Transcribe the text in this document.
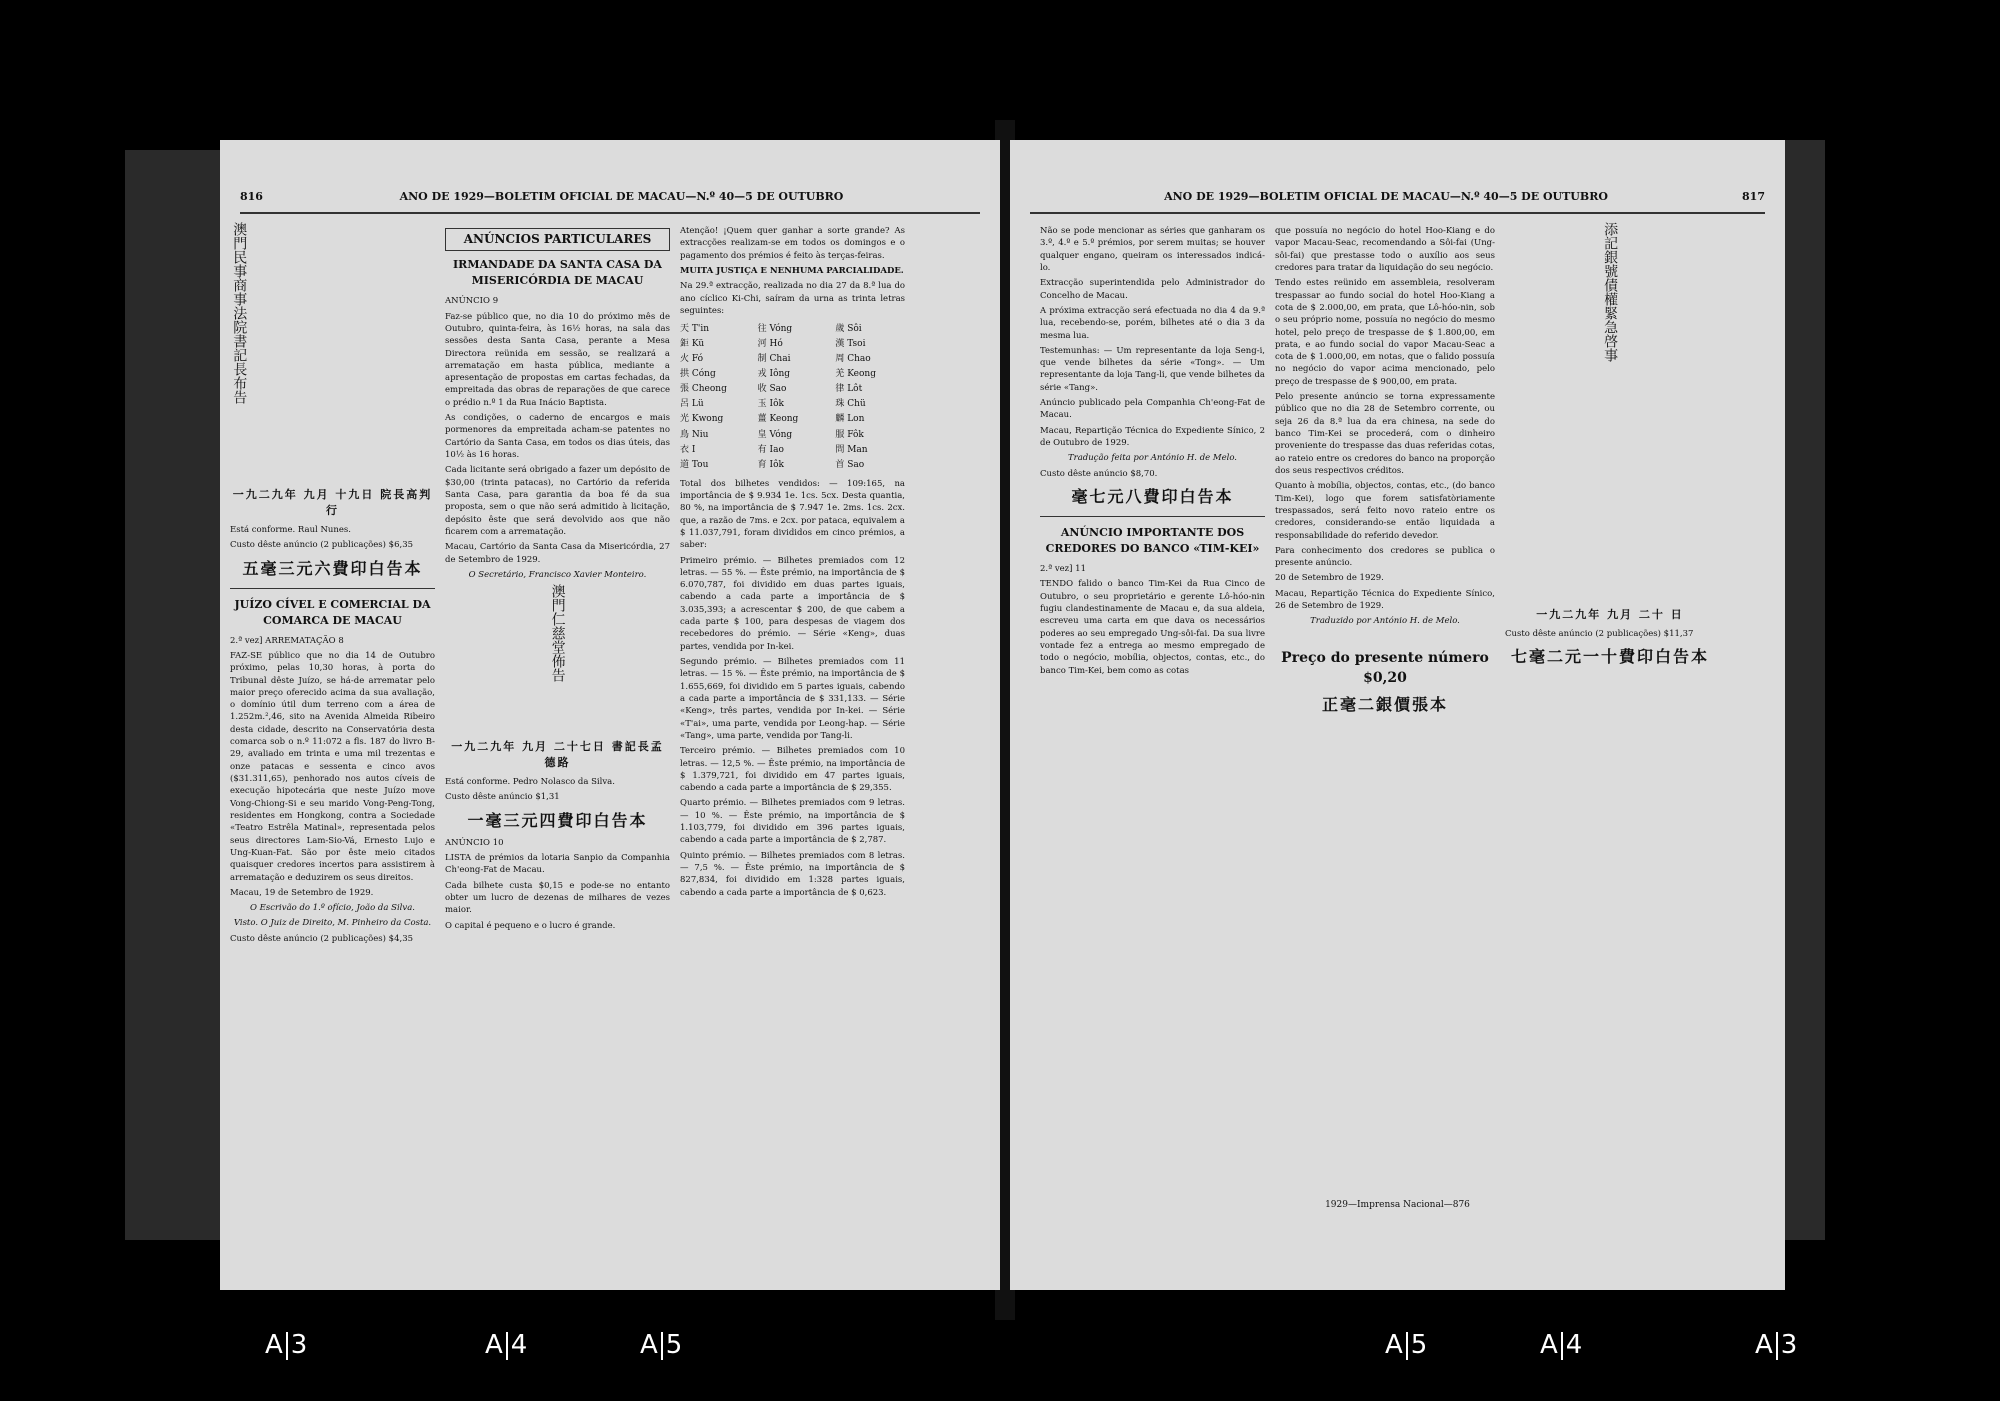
816	ANO DE 1929—BOLETIM OFICIAL DE MACAU—N.º 40—5 DE OUTUBRO
澳門民事商事法院書記長布告
一九二九年 九月 十九日 院長高判行
Está conforme. Raul Nunes.
Custo dêste anúncio (2 publicações) $6,35
五毫三元六費印白告本
JUÍZO CÍVEL E COMERCIAL DA COMARCA DE MACAU
2.ª vez] ARREMATAÇÃO 8
FAZ-SE público que no dia 14 de Outubro próximo, pelas 10,30 horas, à porta do Tribunal dêste Juízo, se há-de arrematar pelo maior preço oferecido acima da sua avaliação, o domínio útil dum terreno com a área de 1.252m.²,46, sito na Avenida Almeida Ribeiro desta cidade, descrito na Conservatória desta comarca sob o n.º 11:072 a fls. 187 do livro B-29, avaliado em trinta e uma mil trezentas e onze patacas e sessenta e cinco avos ($31.311,65), penhorado nos autos cíveis de execução hipotecária que neste Juízo move Vong-Chiong-Si e seu marido Vong-Peng-Tong, residentes em Hongkong, contra a Sociedade «Teatro Estrêla Matinal», representada pelos seus directores Lam-Sio-Vá, Ernesto Lujo e Ung-Kuan-Fat. São por êste meio citados quaisquer credores incertos para assistirem à arrematação e deduzirem os seus direitos.
Macau, 19 de Setembro de 1929.
O Escrivão do 1.º ofício, João da Silva.
Visto. O Juiz de Direito, M. Pinheiro da Costa.
Custo dêste anúncio (2 publicações) $4,35
ANÚNCIOS PARTICULARES
IRMANDADE DA SANTA CASA DA MISERICÓRDIA DE MACAU
ANÚNCIO 9
Faz-se público que, no dia 10 do próximo mês de Outubro, quinta-feira, às 16½ horas, na sala das sessões desta Santa Casa, perante a Mesa Directora reünida em sessão, se realizará a arrematação em hasta pública, mediante a apresentação de propostas em cartas fechadas, da empreitada das obras de reparações de que carece o prédio n.º 1 da Rua Inácio Baptista.
As condições, o caderno de encargos e mais pormenores da empreitada acham-se patentes no Cartório da Santa Casa, em todos os dias úteis, das 10½ às 16 horas.
Cada licitante será obrigado a fazer um depósito de $30,00 (trinta patacas), no Cartório da referida Santa Casa, para garantia da boa fé da sua proposta, sem o que não será admitido à licitação, depósito êste que será devolvido aos que não ficarem com a arrematação.
Macau, Cartório da Santa Casa da Misericórdia, 27 de Setembro de 1929.
O Secretário, Francisco Xavier Monteiro.
澳門仁慈堂佈告
一九二九年 九月 二十七日 書記長孟德路
Está conforme. Pedro Nolasco da Silva.
Custo dêste anúncio $1,31
一毫三元四費印白告本
ANÚNCIO 10
LISTA de prémios da lotaria Sanpio da Companhia Ch'eong-Fat de Macau.
Cada bilhete custa $0,15 e pode-se no entanto obter um lucro de dezenas de milhares de vezes maior.
O capital é pequeno e o lucro é grande.
Atenção! ¡Quem quer ganhar a sorte grande? As extracções realizam-se em todos os domingos e o pagamento dos prémios é feito às terças-feiras.
MUITA JUSTIÇA E NENHUMA PARCIALIDADE.
Na 29.ª extracção, realizada no dia 27 da 8.ª lua do ano cíclico Ki-Chi, saíram da urna as trinta letras seguintes:
天 T'in	往 Vóng	歲 Sôi
鉅 Kü	河 Hó	漢 Tsoi
火 Fó	制 Chai	周 Chao
拱 Cóng	戎 Iông	羌 Keong
張 Cheong	收 Sao	律 Lôt
呂 Lü	玉 Iôk	珠 Chü
光 Kwong	薑 Keong	麟 Lon
鳥 Niu	皇 Vóng	服 Fôk
衣 I	有 Iao	問 Man
道 Tou	育 Iôk	首 Sao
Total dos bilhetes vendidos: — 109:165, na importância de $ 9.934 1e. 1cs. 5cx. Desta quantia, 80 %, na importância de $ 7.947 1e. 2ms. 1cs. 2cx. que, a razão de 7ms. e 2cx. por pataca, equivalem a $ 11.037,791, foram divididos em cinco prémios, a saber:
Primeiro prémio. — Bilhetes premiados com 12 letras. — 55 %. — Êste prémio, na importância de $ 6.070,787, foi dividido em duas partes iguais, cabendo a cada parte a importância de $ 3.035,393; a acrescentar $ 200, de que cabem a cada parte $ 100, para despesas de viagem dos recebedores do prémio. — Série «Keng», duas partes, vendida por In-kei.
Segundo prémio. — Bilhetes premiados com 11 letras. — 15 %. — Êste prémio, na importância de $ 1.655,669, foi dividido em 5 partes iguais, cabendo a cada parte a importância de $ 331,133. — Série «Keng», três partes, vendida por In-kei. — Série «T'ai», uma parte, vendida por Leong-hap. — Série «Tang», uma parte, vendida por Tang-li.
Terceiro prémio. — Bilhetes premiados com 10 letras. — 12,5 %. — Êste prémio, na importância de $ 1.379,721, foi dividido em 47 partes iguais, cabendo a cada parte a importância de $ 29,355.
Quarto prémio. — Bilhetes premiados com 9 letras. — 10 %. — Êste prémio, na importância de $ 1.103,779, foi dividido em 396 partes iguais, cabendo a cada parte a importância de $ 2,787.
Quinto prémio. — Bilhetes premiados com 8 letras. — 7,5 %. — Êste prémio, na importância de $ 827,834, foi dividido em 1:328 partes iguais, cabendo a cada parte a importância de $ 0,623.
ANO DE 1929—BOLETIM OFICIAL DE MACAU—N.º 40—5 DE OUTUBRO	817
Não se pode mencionar as séries que ganharam os 3.º, 4.º e 5.º prémios, por serem muitas; se houver qualquer engano, queiram os interessados indicá-lo.
Extracção superintendida pelo Administrador do Concelho de Macau.
A próxima extracção será efectuada no dia 4 da 9.ª lua, recebendo-se, porém, bilhetes até o dia 3 da mesma lua.
Testemunhas: — Um representante da loja Seng-i, que vende bilhetes da série «Tong». — Um representante da loja Tang-li, que vende bilhetes da série «Tang».
Anúncio publicado pela Companhia Ch'eong-Fat de Macau.
Macau, Repartição Técnica do Expediente Sínico, 2 de Outubro de 1929.
Tradução feita por António H. de Melo.
Custo dêste anúncio $8,70.
毫七元八費印白告本
ANÚNCIO IMPORTANTE DOS CREDORES DO BANCO «TIM-KEI»
2.ª vez] 11
TENDO falido o banco Tim-Kei da Rua Cinco de Outubro, o seu proprietário e gerente Lô-hóo-nin fugiu clandestinamente de Macau e, da sua aldeia, escreveu uma carta em que dava os necessários poderes ao seu empregado Ung-sôi-fai. Da sua livre vontade fez a entrega ao mesmo empregado de todo o negócio, mobília, objectos, contas, etc., do banco Tim-Kei, bem como as cotas
que possuía no negócio do hotel Hoo-Kiang e do vapor Macau-Seac, recomendando a Sôi-fai (Ung-sôi-fai) que prestasse todo o auxílio aos seus credores para tratar da liquidação do seu negócio.
Tendo estes reünido em assembleia, resolveram trespassar ao fundo social do hotel Hoo-Kiang a cota de $ 2.000,00, em prata, que Lô-hóo-nin, sob o seu próprio nome, possuía no negócio do mesmo hotel, pelo preço de trespasse de $ 1.800,00, em prata, e ao fundo social do vapor Macau-Seac a cota de $ 1.000,00, em notas, que o falido possuía no negócio do vapor acima mencionado, pelo preço de trespasse de $ 900,00, em prata.
Pelo presente anúncio se torna expressamente público que no dia 28 de Setembro corrente, ou seja 26 da 8.ª lua da era chinesa, na sede do banco Tim-Kei se procederá, com o dinheiro proveniente do trespasse das duas referidas cotas, ao rateio entre os credores do banco na proporção dos seus respectivos créditos.
Quanto à mobília, objectos, contas, etc., (do banco Tim-Kei), logo que forem satisfatòriamente trespassados, será feito novo rateio entre os credores, considerando-se então liquidada a responsabilidade do referido devedor.
Para conhecimento dos credores se publica o presente anúncio.
20 de Setembro de 1929.
Macau, Repartição Técnica do Expediente Sínico, 26 de Setembro de 1929.
Traduzido por António H. de Melo.
Preço do presente número $0,20
正毫二銀價張本
添記銀號債權緊急啓事
一九二九年 九月 二十 日
Custo dêste anúncio (2 publicações) $11,37
七毫二元一十費印白告本
1929—Imprensa Nacional—876
A 3	A 4	A 5	A 5	A 4	A 3
